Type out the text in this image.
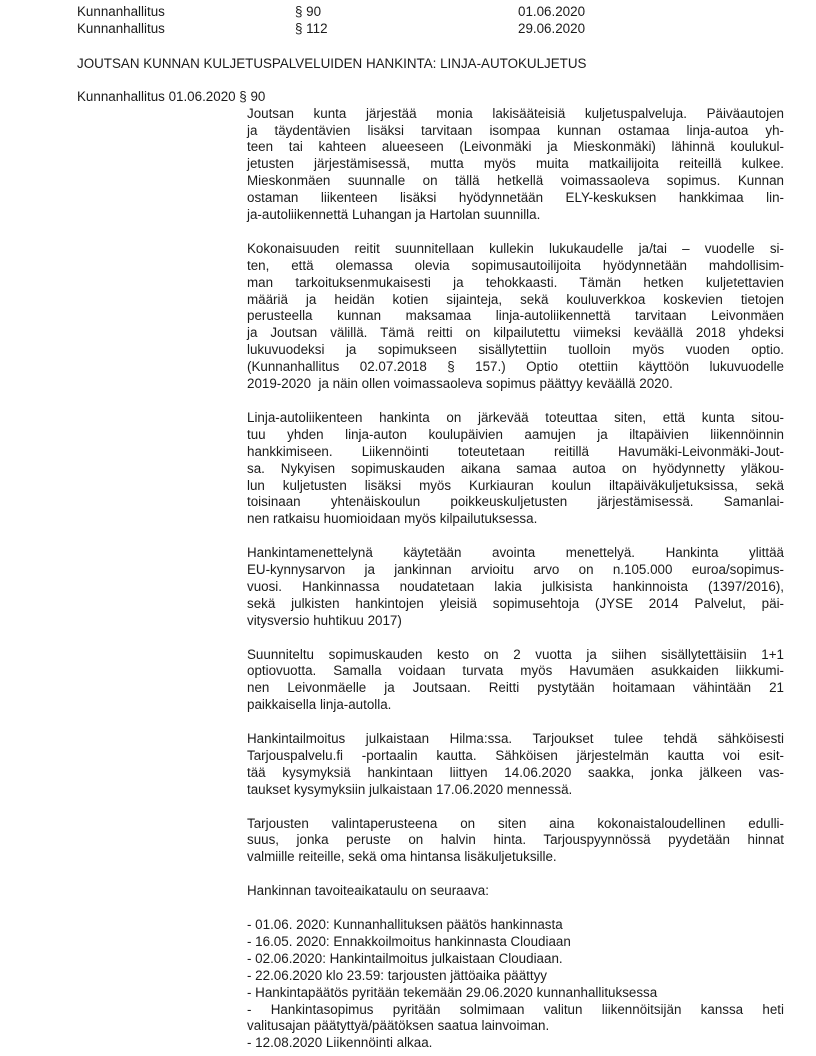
Kunnanhallitus	§ 90	01.06.2020
Kunnanhallitus	§ 112	29.06.2020
JOUTSAN KUNNAN KULJETUSPALVELUIDEN HANKINTA: LINJA-AUTOKULJETUS
Kunnanhallitus 01.06.2020 § 90
Joutsan kunta järjestää monia lakisääteisiä kuljetuspalveluja. Päiväautojen
ja täydentävien lisäksi tarvitaan isompaa kunnan ostamaa linja-autoa yh-
teen tai kahteen alueeseen (Leivonmäki ja Mieskonmäki) lähinnä koulukul-
jetusten järjestämisessä, mutta myös muita matkailijoita reiteillä kulkee.
Mieskonmäen suunnalle on tällä hetkellä voimassaoleva sopimus. Kunnan
ostaman liikenteen lisäksi hyödynnetään ELY-keskuksen hankkimaa lin-
ja-autoliikennettä Luhangan ja Hartolan suunnilla.
Kokonaisuuden reitit suunnitellaan kullekin lukukaudelle ja/tai – vuodelle si-
ten, että olemassa olevia sopimusautoilijoita hyödynnetään mahdollisim-
man tarkoituksenmukaisesti ja tehokkaasti. Tämän hetken kuljetettavien
määriä ja heidän kotien sijainteja, sekä kouluverkkoa koskevien tietojen
perusteella kunnan maksamaa linja-autoliikennettä tarvitaan Leivonmäen
ja Joutsan välillä. Tämä reitti on kilpailutettu viimeksi keväällä 2018 yhdeksi
lukuvuodeksi ja sopimukseen sisällytettiin tuolloin myös vuoden optio.
(Kunnanhallitus 02.07.2018 § 157.) Optio otettiin käyttöön lukuvuodelle
2019-2020  ja näin ollen voimassaoleva sopimus päättyy keväällä 2020.
Linja-autoliikenteen hankinta on järkevää toteuttaa siten, että kunta sitou-
tuu yhden linja-auton koulupäivien aamujen ja iltapäivien liikennöinnin
hankkimiseen. Liikennöinti toteutetaan reitillä Havumäki-Leivonmäki-Jout-
sa. Nykyisen sopimuskauden aikana samaa autoa on hyödynnetty yläkou-
lun kuljetusten lisäksi myös Kurkiauran koulun iltapäiväkuljetuksissa, sekä
toisinaan yhtenäiskoulun poikkeuskuljetusten järjestämisessä. Samanlai-
nen ratkaisu huomioidaan myös kilpailutuksessa.
Hankintamenettelynä käytetään avointa menettelyä. Hankinta ylittää
EU-kynnysarvon ja jankinnan arvioitu arvo on n.105.000 euroa/sopimus-
vuosi. Hankinnassa noudatetaan lakia julkisista hankinnoista (1397/2016),
sekä julkisten hankintojen yleisiä sopimusehtoja (JYSE 2014 Palvelut, päi-
vitysversio huhtikuu 2017)
Suunniteltu sopimuskauden kesto on 2 vuotta ja siihen sisällytettäisiin 1+1
optiovuotta. Samalla voidaan turvata myös Havumäen asukkaiden liikkumi-
nen Leivonmäelle ja Joutsaan. Reitti pystytään hoitamaan vähintään 21
paikkaisella linja-autolla.
Hankintailmoitus julkaistaan Hilma:ssa. Tarjoukset tulee tehdä sähköisesti
Tarjouspalvelu.fi -portaalin kautta. Sähköisen järjestelmän kautta voi esit-
tää kysymyksiä hankintaan liittyen 14.06.2020 saakka, jonka jälkeen vas-
taukset kysymyksiin julkaistaan 17.06.2020 mennessä.
Tarjousten valintaperusteena on siten aina kokonaistaloudellinen edulli-
suus, jonka peruste on halvin hinta. Tarjouspyynnössä pyydetään hinnat
valmiille reiteille, sekä oma hintansa lisäkuljetuksille.
Hankinnan tavoiteaikataulu on seuraava:
- 01.06. 2020: Kunnanhallituksen päätös hankinnasta
- 16.05. 2020: Ennakkoilmoitus hankinnasta Cloudiaan
- 02.06.2020: Hankintailmoitus julkaistaan Cloudiaan.
- 22.06.2020 klo 23.59: tarjousten jättöaika päättyy
- Hankintapäätös pyritään tekemään 29.06.2020 kunnanhallituksessa
- Hankintasopimus pyritään solmimaan valitun liikennöitsijän kanssa heti
valitusajan päätyttyä/päätöksen saatua lainvoiman.
- 12.08.2020 Liikennöinti alkaa.
